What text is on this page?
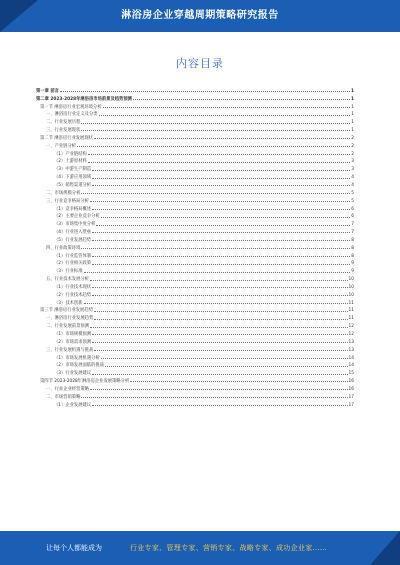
淋浴房企业穿越周期策略研究报告
内容目录
第一章 前言	1
第二章 2023-2028年淋浴房市场前景及趋势预测	1
第一节 淋浴房行业宏观环境分析	1
一、淋浴房行业定义及分类	1
二、行业发展历程	1
三、行业发展现状	1
第二节 淋浴房行业发展现状	2
一、产业链分析	2
（1）产业链结构	2
（2）上游原材料	3
（3）中游生产制造	3
（4）下游应用领域	4
（5）销售渠道分析	4
二、市场规模分析	5
三、行业竞争格局分析	5
（1）竞争格局概述	6
（2）主要企业竞争分析	6
（3）市场集中度分析	7
（4）行业进入壁垒	7
（5）行业发展趋势	8
四、行业政策环境	8
（1）行业监管体制	8
（2）行业相关政策	9
（3）行业标准	9
五、行业技术发展分析	10
（1）行业技术现状	10
（2）行业技术趋势	10
（3）技术创新	11
第三节 淋浴房行业发展趋势	11
一、淋浴房行业发展趋势	11
二、行业发展前景预测	12
（1）市场规模预测	12
（2）市场需求预测	13
三、行业发展机遇与挑战	13
（1）市场发展机遇分析	14
（2）市场发展面临的挑战	14
（3）行业发展建议	15
第四节 2023-2028年淋浴房企业发展策略分析	16
一、行业企业经营策略	16
二、市场营销策略	17
（1）企业发展建议	17
让每个人都能成为	行业专家、管理专家、营销专家、战略专家、成功企业家……
